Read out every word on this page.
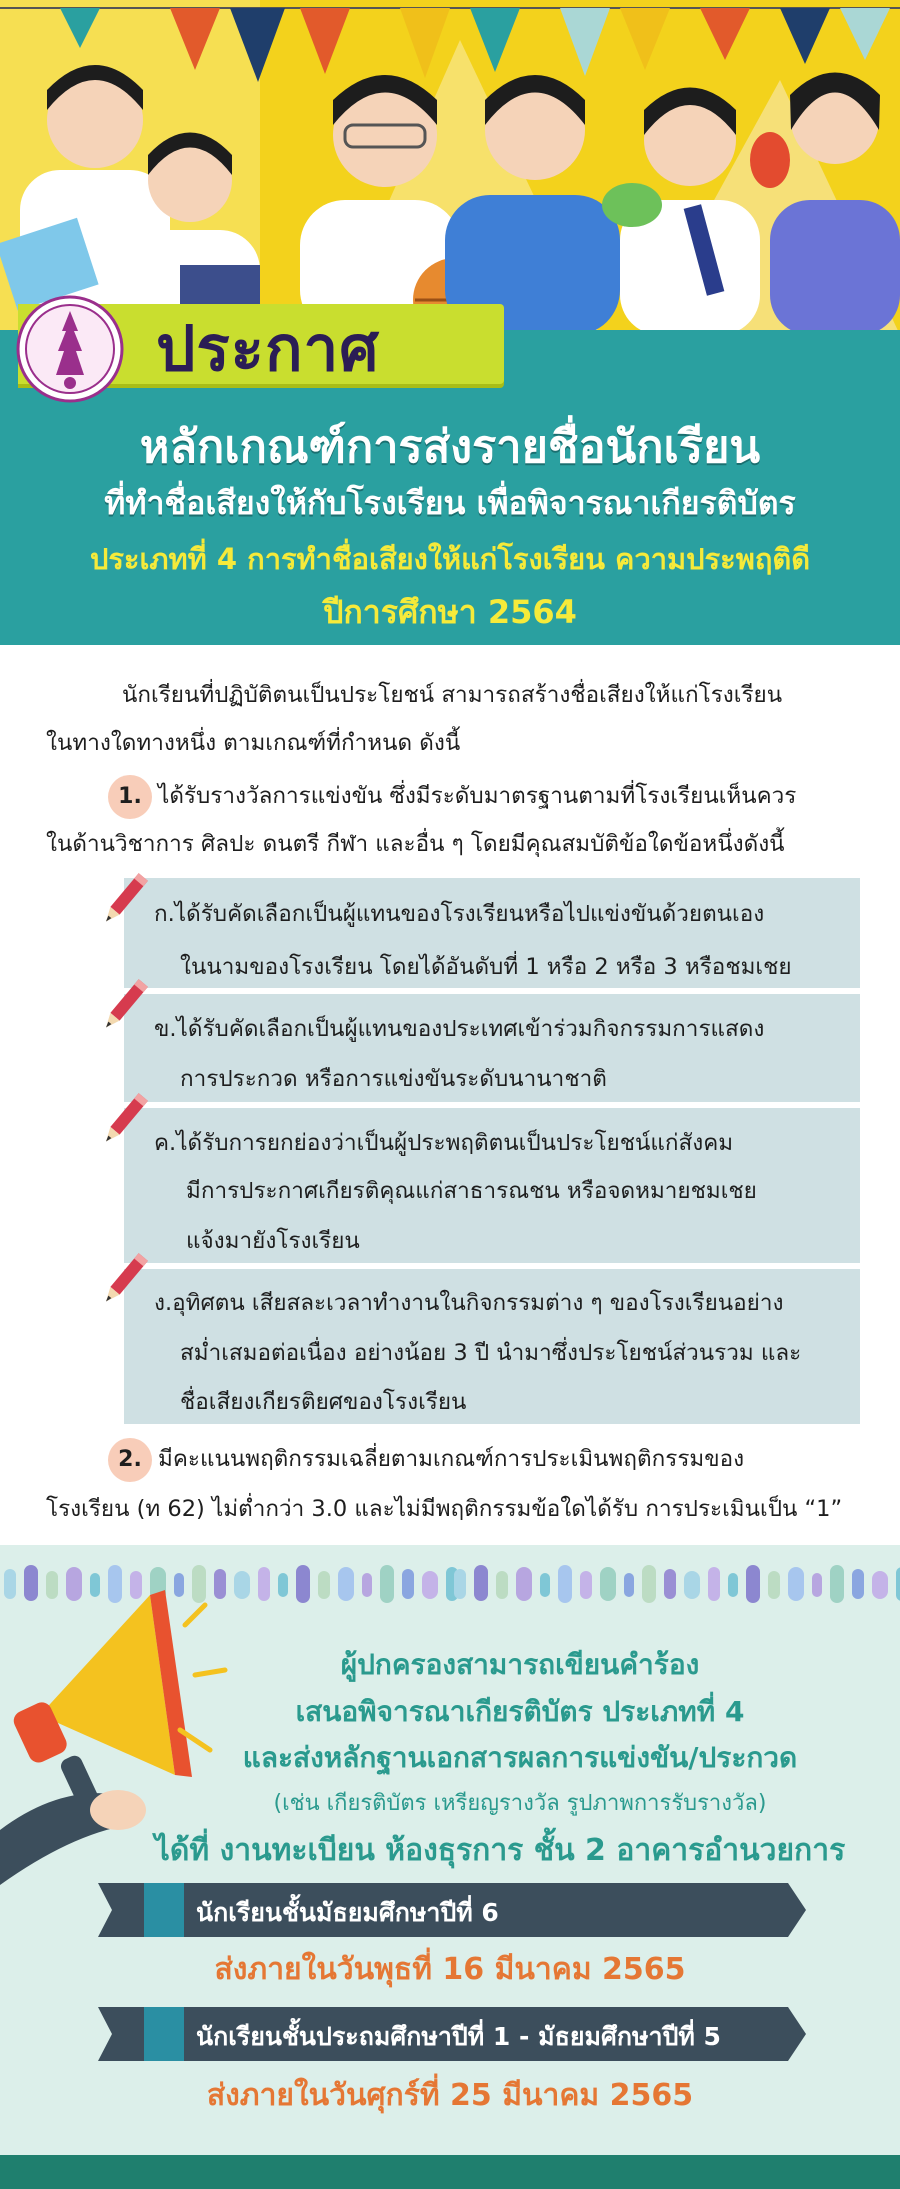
ประกาศ
หลักเกณฑ์การส่งรายชื่อนักเรียน
ที่ทำชื่อเสียงให้กับโรงเรียน เพื่อพิจารณาเกียรติบัตร
ประเภทที่ 4 การทำชื่อเสียงให้แก่โรงเรียน ความประพฤติดี
ปีการศึกษา 2564
นักเรียนที่ปฏิบัติตนเป็นประโยชน์ สามารถสร้างชื่อเสียงให้แก่โรงเรียน
ในทางใดทางหนึ่ง ตามเกณฑ์ที่กำหนด ดังนี้
1. ได้รับรางวัลการแข่งขัน ซึ่งมีระดับมาตรฐานตามที่โรงเรียนเห็นควร
ในด้านวิชาการ ศิลปะ ดนตรี กีฬา และอื่น ๆ โดยมีคุณสมบัติข้อใดข้อหนึ่งดังนี้
ก.ได้รับคัดเลือกเป็นผู้แทนของโรงเรียนหรือไปแข่งขันด้วยตนเอง
ในนามของโรงเรียน โดยได้อันดับที่ 1 หรือ 2 หรือ 3 หรือชมเชย
ข.ได้รับคัดเลือกเป็นผู้แทนของประเทศเข้าร่วมกิจกรรมการแสดง
การประกวด หรือการแข่งขันระดับนานาชาติ
ค.ได้รับการยกย่องว่าเป็นผู้ประพฤติตนเป็นประโยชน์แก่สังคม
มีการประกาศเกียรติคุณแก่สาธารณชน หรือจดหมายชมเชย
แจ้งมายังโรงเรียน
ง.อุทิศตน เสียสละเวลาทำงานในกิจกรรมต่าง ๆ ของโรงเรียนอย่าง
สม่ำเสมอต่อเนื่อง อย่างน้อย 3 ปี นำมาซึ่งประโยชน์ส่วนรวม และ
ชื่อเสียงเกียรติยศของโรงเรียน
2. มีคะแนนพฤติกรรมเฉลี่ยตามเกณฑ์การประเมินพฤติกรรมของ
โรงเรียน (ท 62) ไม่ต่ำกว่า 3.0 และไม่มีพฤติกรรมข้อใดได้รับ การประเมินเป็น “1”
ผู้ปกครองสามารถเขียนคำร้อง
เสนอพิจารณาเกียรติบัตร ประเภทที่ 4
และส่งหลักฐานเอกสารผลการแข่งขัน/ประกวด
(เช่น เกียรติบัตร เหรียญรางวัล รูปภาพการรับรางวัล)
ได้ที่ งานทะเบียน ห้องธุรการ ชั้น 2 อาคารอำนวยการ
นักเรียนชั้นมัธยมศึกษาปีที่ 6
ส่งภายในวันพุธที่ 16 มีนาคม 2565
นักเรียนชั้นประถมศึกษาปีที่ 1 - มัธยมศึกษาปีที่ 5
ส่งภายในวันศุกร์ที่ 25 มีนาคม 2565
